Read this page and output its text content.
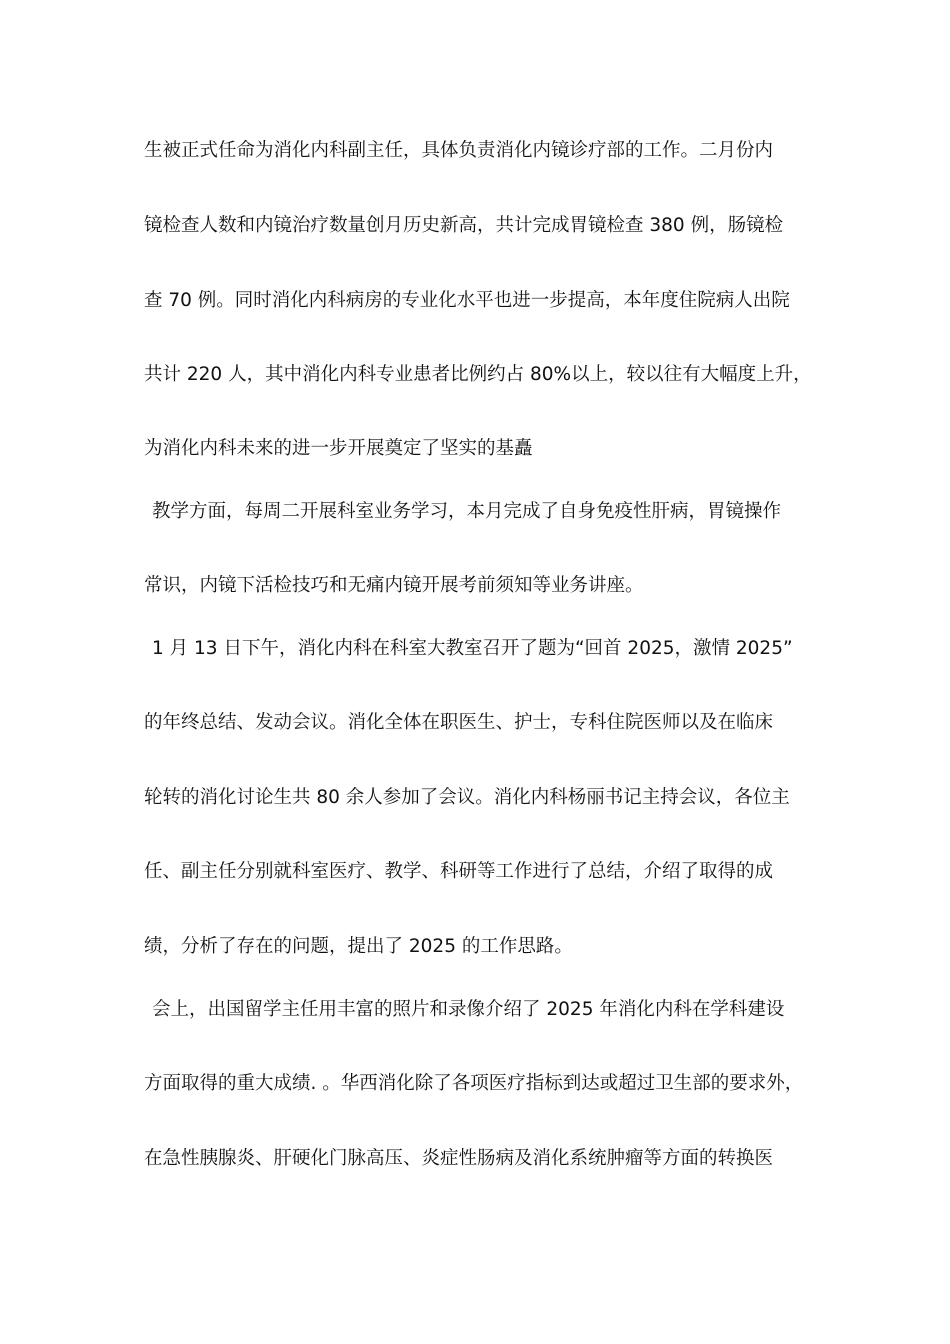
生被正式任命为消化内科副主任，具体负责消化内镜诊疗部的工作。二月份内
镜检查人数和内镜治疗数量创月历史新高，共计完成胃镜检查 380 例，肠镜检
查 70 例。同时消化内科病房的专业化水平也进一步提高，本年度住院病人出院
共计 220 人，其中消化内科专业患者比例约占 80%以上，较以往有大幅度上升，
为消化内科未来的进一步开展奠定了坚实的基矗
教学方面，每周二开展科室业务学习，本月完成了自身免疫性肝病，胃镜操作
常识，内镜下活检技巧和无痛内镜开展考前须知等业务讲座。
1 月 13 日下午，消化内科在科室大教室召开了题为“回首 2025，激情 2025”
的年终总结、发动会议。消化全体在职医生、护士，专科住院医师以及在临床
轮转的消化讨论生共 80 余人参加了会议。消化内科杨丽书记主持会议，各位主
任、副主任分别就科室医疗、教学、科研等工作进行了总结，介绍了取得的成
绩，分析了存在的问题，提出了 2025 的工作思路。
会上，出国留学主任用丰富的照片和录像介绍了 2025 年消化内科在学科建设
方面取得的重大成绩. 。华西消化除了各项医疗指标到达或超过卫生部的要求外，
在急性胰腺炎、肝硬化门脉高压、炎症性肠病及消化系统肿瘤等方面的转换医
